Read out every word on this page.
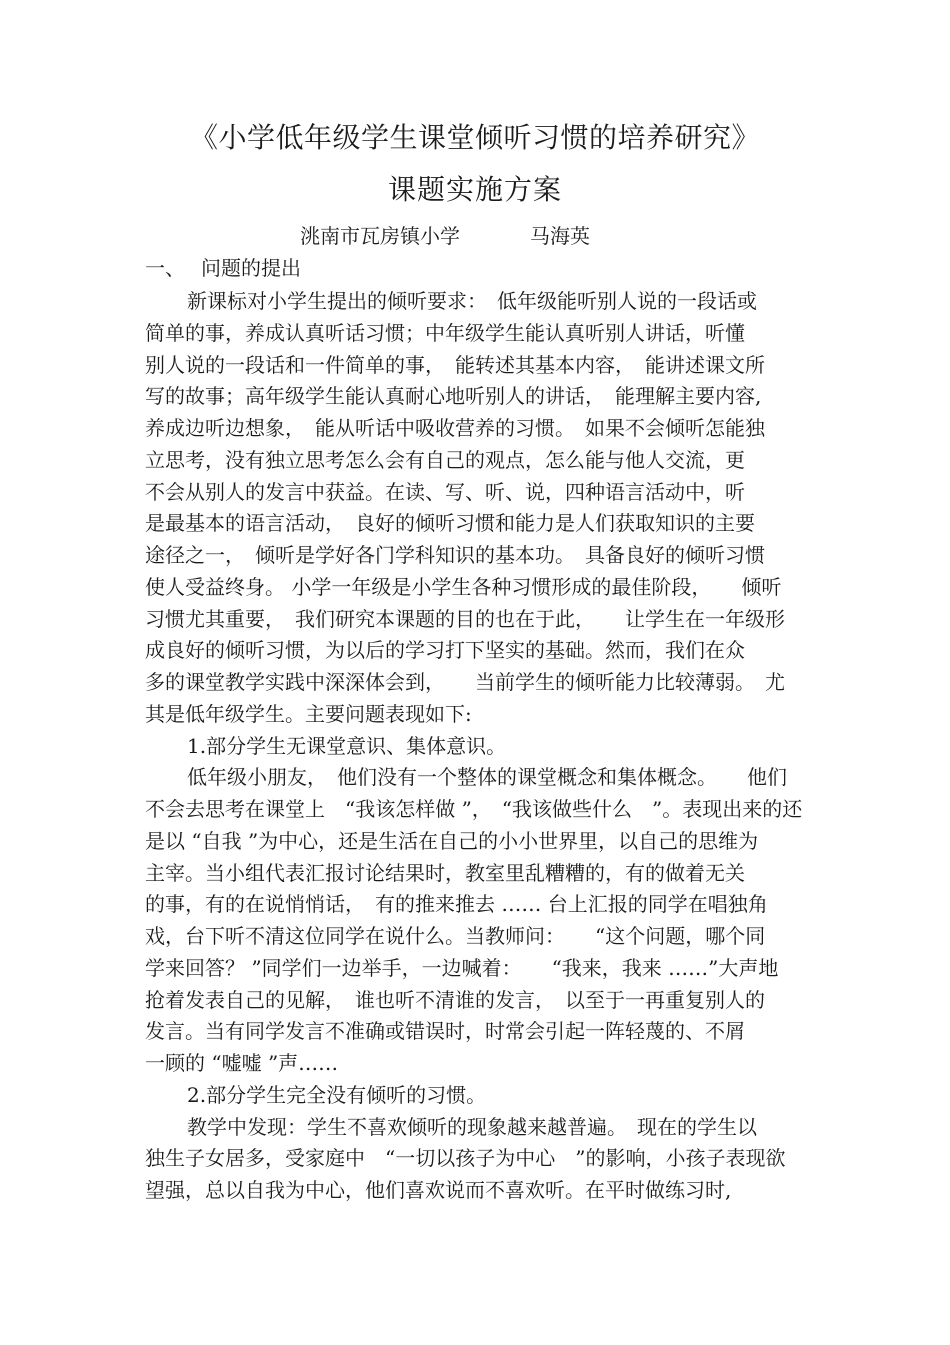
《小学低年级学生课堂倾听习惯的培养研究》
课题实施方案
洮南市瓦房镇小学	马海英
一、 问题的提出
新课标对小学生提出的倾听要求：　低年级能听别人说的一段话或
简单的事，养成认真听话习惯；中年级学生能认真听别人讲话，听懂
别人说的一段话和一件简单的事，　能转述其基本内容，　能讲述课文所
写的故事；高年级学生能认真耐心地听别人的讲话，　能理解主要内容,
养成边听边想象，　能从听话中吸收营养的习惯。　如果不会倾听怎能独
立思考，没有独立思考怎么会有自己的观点，怎么能与他人交流，更
不会从别人的发言中获益。在读、写、听、说，四种语言活动中，听
是最基本的语言活动，　良好的倾听习惯和能力是人们获取知识的主要
途径之一，　倾听是学好各门学科知识的基本功。　具备良好的倾听习惯
使人受益终身。 小学一年级是小学生各种习惯形成的最佳阶段，　　倾听
习惯尤其重要，　我们研究本课题的目的也在于此，　　让学生在一年级形
成良好的倾听习惯，为以后的学习打下坚实的基础。然而，我们在众
多的课堂教学实践中深深体会到，　　当前学生的倾听能力比较薄弱。　尤
其是低年级学生。主要问题表现如下:
1.部分学生无课堂意识、集体意识。
低年级小朋友，　他们没有一个整体的课堂概念和集体概念。　　他们
不会去思考在课堂上　“我该怎样做 ”，　“我该做些什么　”。表现出来的还
是以 “自我 ”为中心，还是生活在自己的小小世界里，以自己的思维为
主宰。当小组代表汇报讨论结果时，教室里乱糟糟的，有的做着无关
的事，有的在说悄悄话，　有的推来推去 …… 台上汇报的同学在唱独角
戏，台下听不清这位同学在说什么。当教师问：　　“这个问题，哪个同
学来回答？ ”同学们一边举手，一边喊着：　　“我来，我来 ……”大声地
抢着发表自己的见解，　谁也听不清谁的发言，　以至于一再重复别人的
发言。当有同学发言不准确或错误时，时常会引起一阵轻蔑的、不屑
一顾的 “嘘嘘 ”声……
2.部分学生完全没有倾听的习惯。
教学中发现：学生不喜欢倾听的现象越来越普遍。　现在的学生以
独生子女居多，受家庭中　“一切以孩子为中心　”的影响，小孩子表现欲
望强，总以自我为中心，他们喜欢说而不喜欢听。在平时做练习时,
